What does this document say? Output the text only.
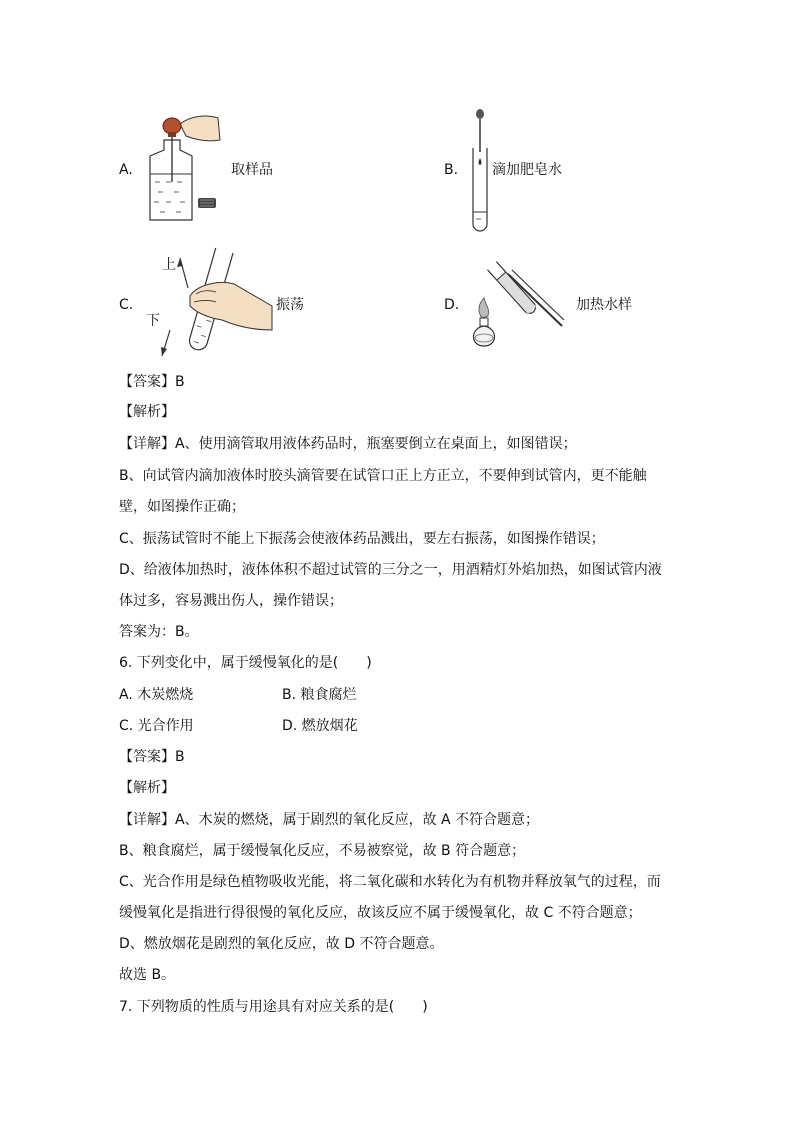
A.	取样品	B. 滴加肥皂水
C.
上
下
振荡	D.	加热水样
【答案】B
【解析】
【详解】A、使用滴管取用液体药品时，瓶塞要倒立在桌面上，如图错误；
B、向试管内滴加液体时胶头滴管要在试管口正上方正立，不要伸到试管内，更不能触
壁，如图操作正确；
C、振荡试管时不能上下振荡会使液体药品溅出，要左右振荡，如图操作错误；
D、给液体加热时，液体体积不超过试管的三分之一，用酒精灯外焰加热，如图试管内液
体过多，容易溅出伤人，操作错误；
答案为：B。
6. 下列变化中，属于缓慢氧化的是(　　)
A. 木炭燃烧	B. 粮食腐烂
C. 光合作用	D. 燃放烟花
【答案】B
【解析】
【详解】A、木炭的燃烧，属于剧烈的氧化反应，故 A 不符合题意；
B、粮食腐烂，属于缓慢氧化反应，不易被察觉，故 B 符合题意；
C、光合作用是绿色植物吸收光能，将二氧化碳和水转化为有机物并释放氧气的过程，而
缓慢氧化是指进行得很慢的氧化反应，故该反应不属于缓慢氧化，故 C 不符合题意；
D、燃放烟花是剧烈的氧化反应，故 D 不符合题意。
故选 B。
7. 下列物质的性质与用途具有对应关系的是(　　)
